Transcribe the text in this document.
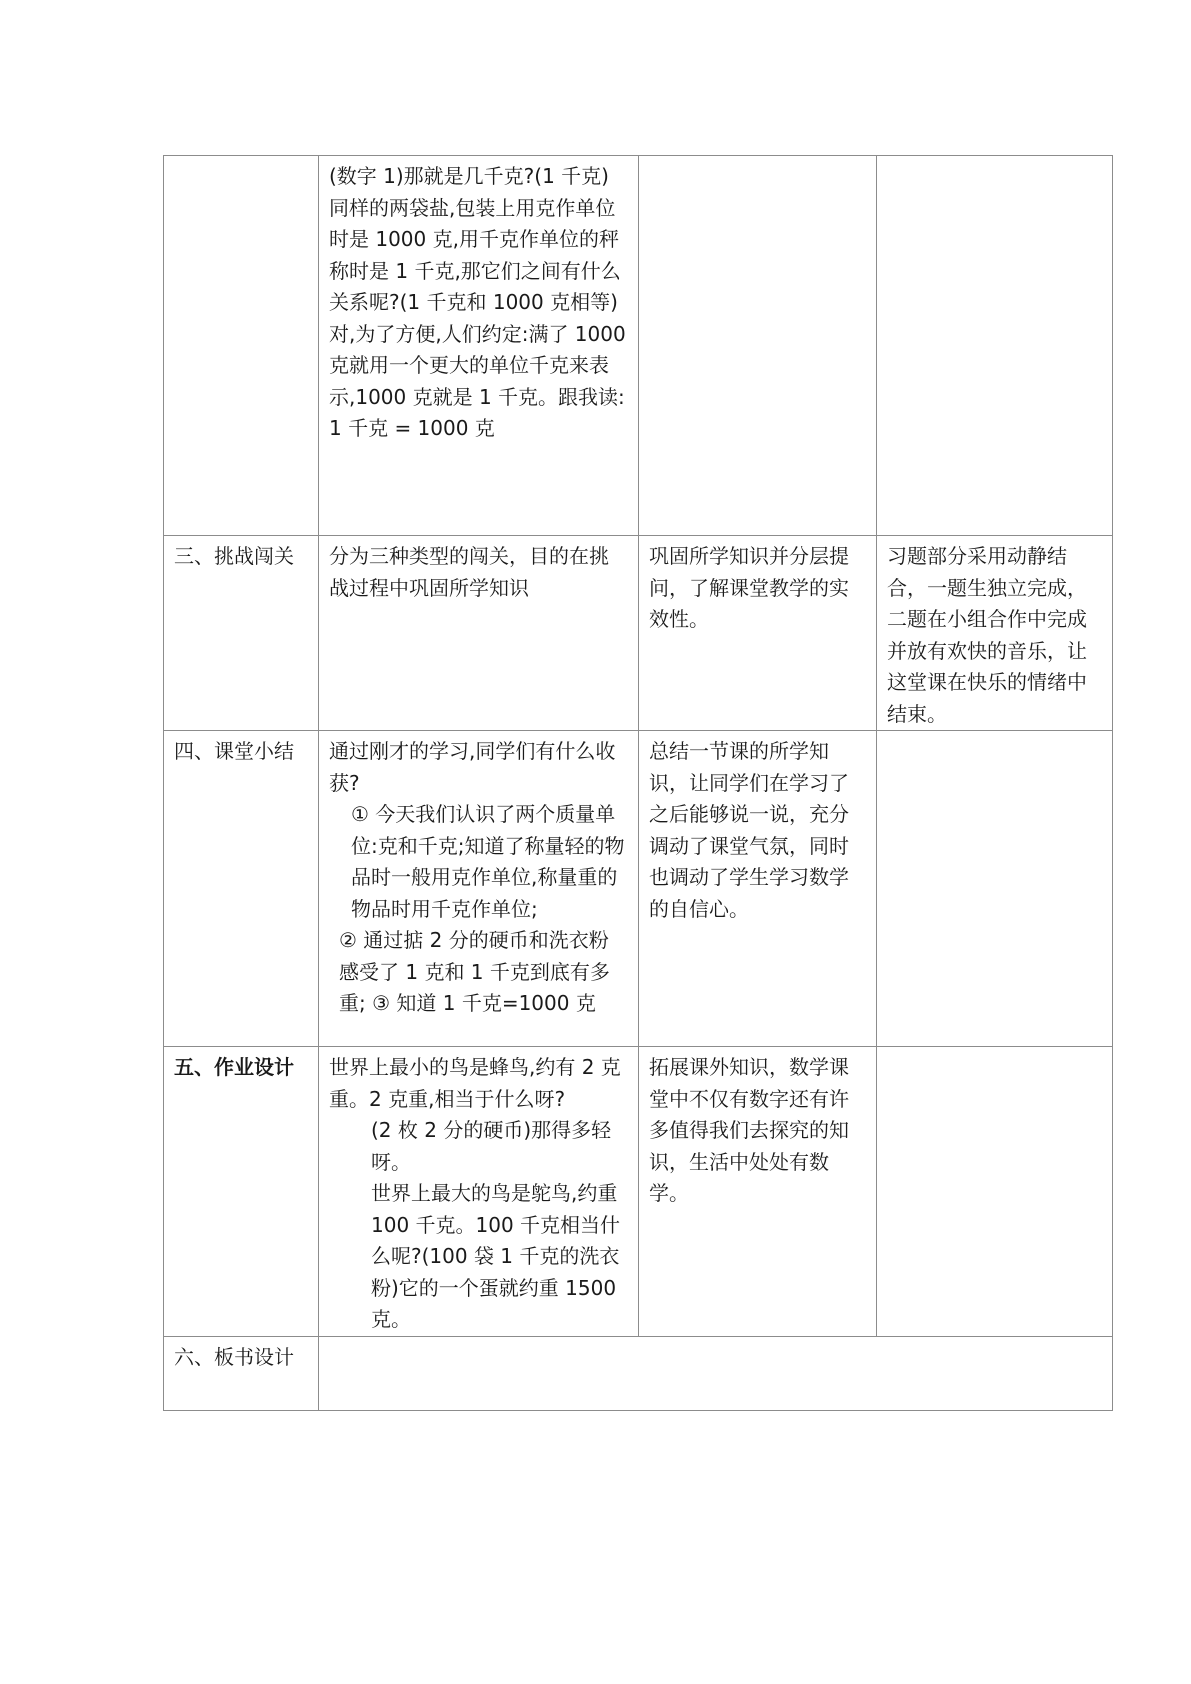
	(数字 1)那就是几千克?(1 千克)
同样的两袋盐,包装上用克作单位时是 1000 克,用千克作单位的秤称时是 1 千克,那它们之间有什么关系呢?(1 千克和 1000 克相等)对,为了方便,人们约定:满了 1000 克就用一个更大的单位千克来表示,1000 克就是 1 千克。跟我读:1 千克 = 1000 克		

三、挑战闯关	分为三种类型的闯关，目的在挑战过程中巩固所学知识	巩固所学知识并分层提问，了解课堂教学的实效性。	习题部分采用动静结合，一题生独立完成，二题在小组合作中完成并放有欢快的音乐，让这堂课在快乐的情绪中结束。
四、课堂小结	通过刚才的学习,同学们有什么收获?
① 今天我们认识了两个质量单位:克和千克;知道了称量轻的物品时一般用克作单位,称量重的物品时用千克作单位;
② 通过掂 2 分的硬币和洗衣粉感受了 1 克和 1 千克到底有多重; ③ 知道 1 千克=1000 克	总结一节课的所学知识，让同学们在学习了之后能够说一说，充分调动了课堂气氛，同时也调动了学生学习数学的自信心。	
五、作业设计	世界上最小的鸟是蜂鸟,约有 2 克重。2 克重,相当于什么呀?
(2 枚 2 分的硬币)那得多轻呀。
世界上最大的鸟是鸵鸟,约重 100 千克。100 千克相当什么呢?(100 袋 1 千克的洗衣粉)它的一个蛋就约重 1500 克。	拓展课外知识，数学课堂中不仅有数字还有许多值得我们去探究的知识，生活中处处有数学。	
六、板书设计			
